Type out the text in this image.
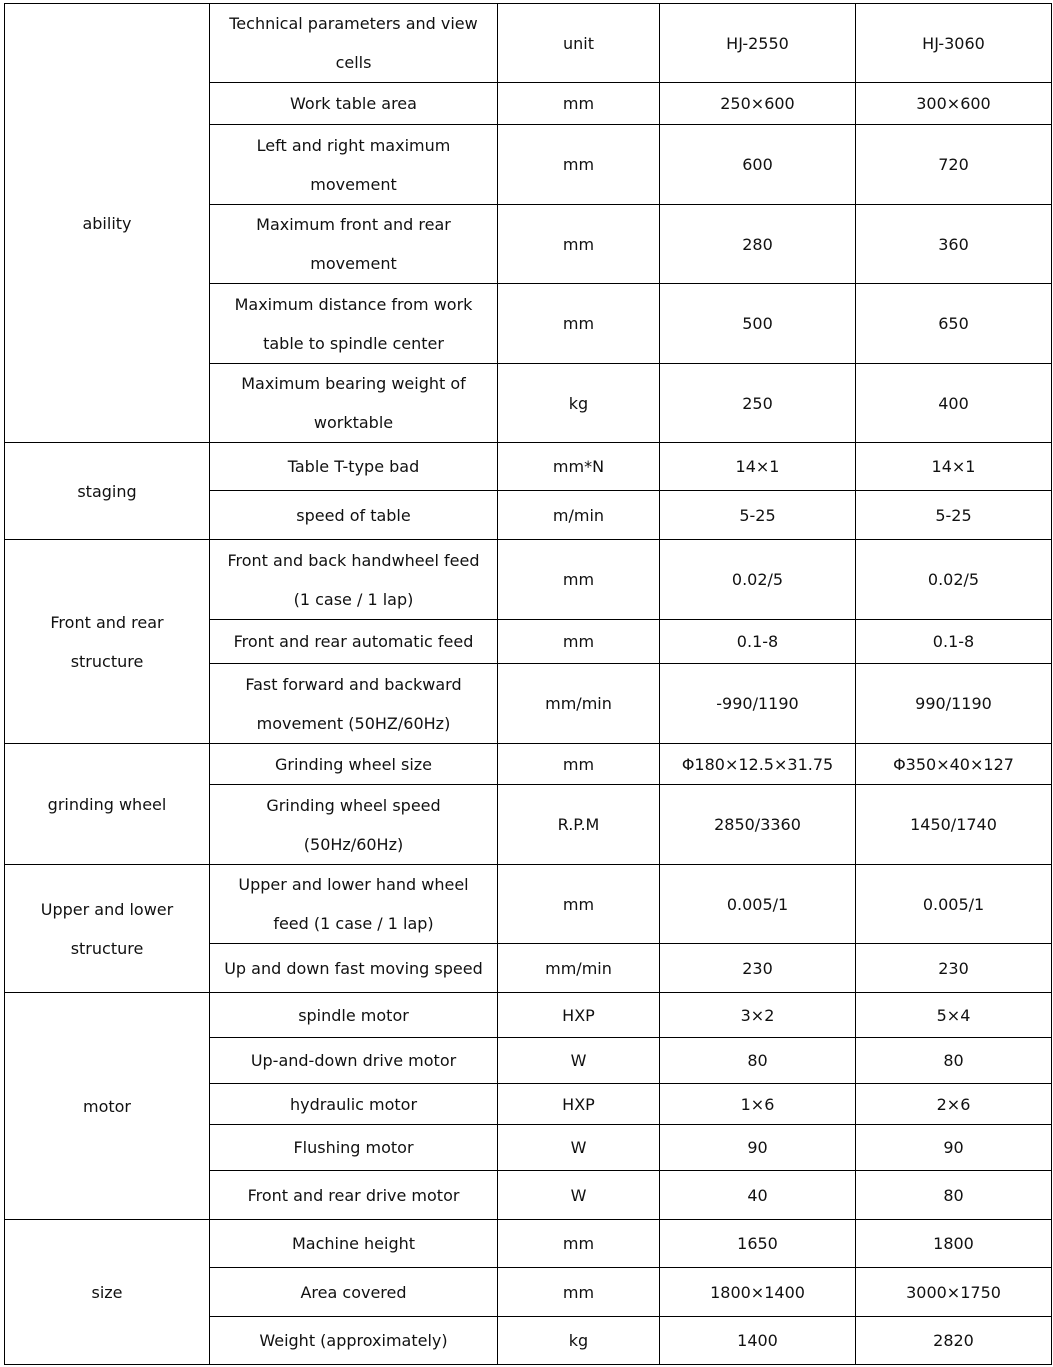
ability	Technical parameters and view cells	unit	HJ-2550	HJ-3060
	Work table area	mm	250×600	300×600
	Left and right maximum movement	mm	600	720
	Maximum front and rear movement	mm	280	360
	Maximum distance from work table to spindle center	mm	500	650
	Maximum bearing weight of worktable	kg	250	400
staging	Table T-type bad	mm*N	14×1	14×1
	speed of table	m/min	5-25	5-25
Front and rear structure	Front and back handwheel feed (1 case / 1 lap)	mm	0.02/5	0.02/5
	Front and rear automatic feed	mm	0.1-8	0.1-8
	Fast forward and backward movement (50HZ/60Hz)	mm/min	-990/1190	990/1190
grinding wheel	Grinding wheel size	mm	Φ180×12.5×31.75	Φ350×40×127
	Grinding wheel speed (50Hz/60Hz)	R.P.M	2850/3360	1450/1740
Upper and lower structure	Upper and lower hand wheel feed (1 case / 1 lap)	mm	0.005/1	0.005/1
	Up and down fast moving speed	mm/min	230	230
motor	spindle motor	HXP	3×2	5×4
	Up-and-down drive motor	W	80	80
	hydraulic motor	HXP	1×6	2×6
	Flushing motor	W	90	90
	Front and rear drive motor	W	40	80
size	Machine height	mm	1650	1800
	Area covered	mm	1800×1400	3000×1750
	Weight (approximately)	kg	1400	2820
